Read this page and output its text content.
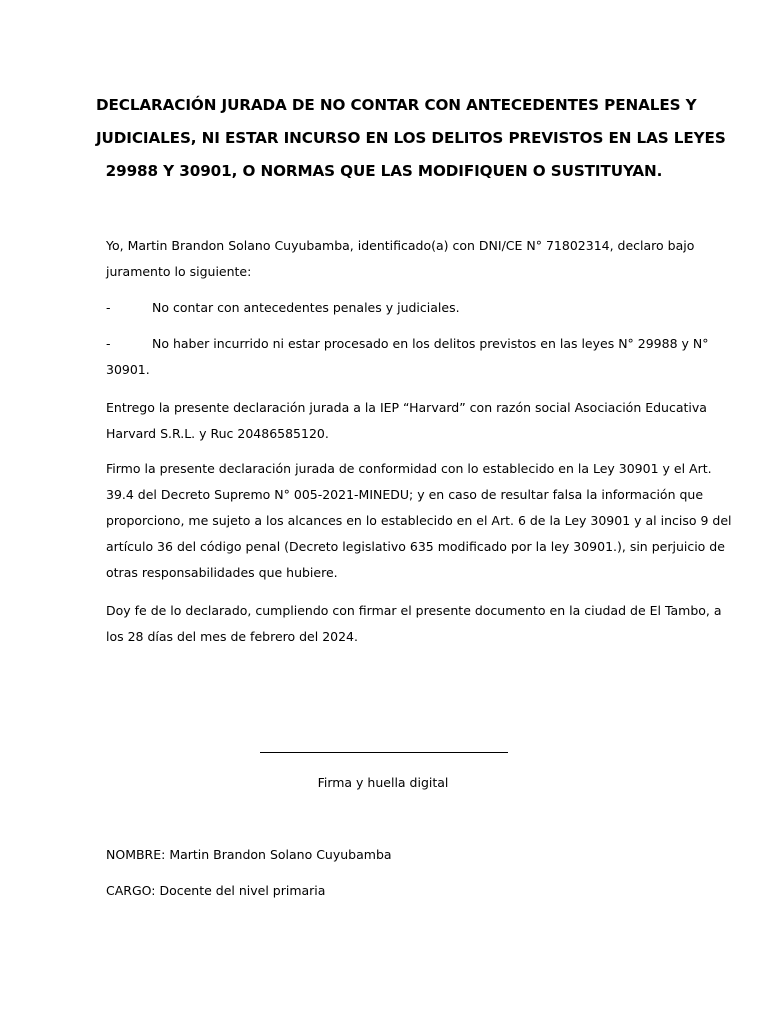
DECLARACIÓN JURADA DE NO CONTAR CON ANTECEDENTES PENALES Y
JUDICIALES, NI ESTAR INCURSO EN LOS DELITOS PREVISTOS EN LAS LEYES
29988 Y 30901, O NORMAS QUE LAS MODIFIQUEN O SUSTITUYAN.

Yo, Martin Brandon Solano Cuyubamba, identificado(a) con DNI/CE N° 71802314, declaro bajo
juramento lo siguiente:

-	No contar con antecedentes penales y judiciales.
-	No haber incurrido ni estar procesado en los delitos previstos en las leyes N° 29988 y N°
30901.

Entrego la presente declaración jurada a la IEP “Harvard” con razón social Asociación Educativa
Harvard S.R.L. y Ruc 20486585120.

Firmo la presente declaración jurada de conformidad con lo establecido en la Ley 30901 y el Art.
39.4 del Decreto Supremo N° 005-2021-MINEDU; y en caso de resultar falsa la información que
proporciono, me sujeto a los alcances en lo establecido en el Art. 6 de la Ley 30901 y al inciso 9 del
artículo 36 del código penal (Decreto legislativo 635 modificado por la ley 30901.), sin perjuicio de
otras responsabilidades que hubiere.

Doy fe de lo declarado, cumpliendo con firmar el presente documento en la ciudad de El Tambo, a
los 28 días del mes de febrero del 2024.

Firma y huella digital
NOMBRE: Martin Brandon Solano Cuyubamba
CARGO: Docente del nivel primaria
